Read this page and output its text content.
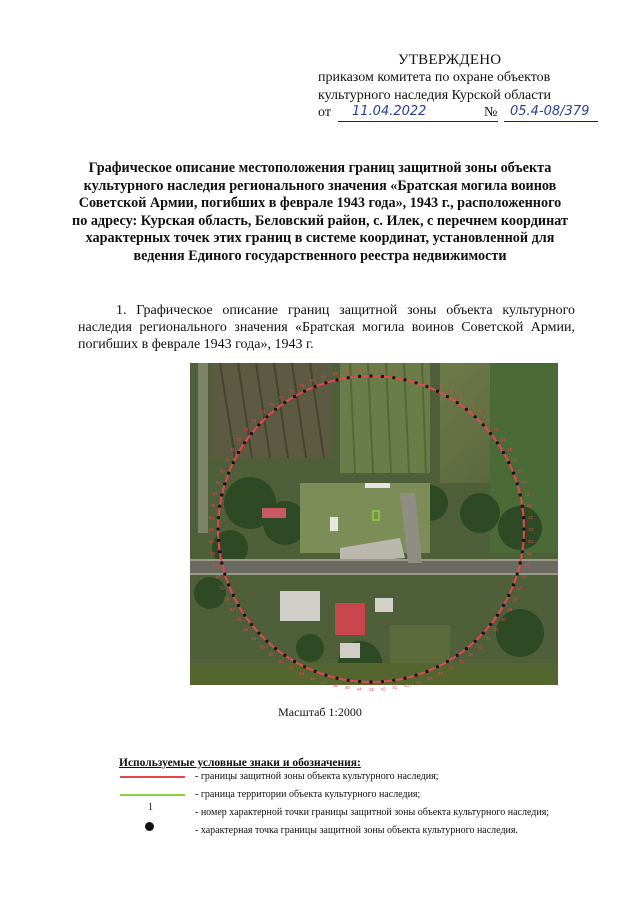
УТВЕРЖДЕНО
приказом комитета по охране объектов
культурного наследия Курской области
от	№
11.04.2022	05.4-08/379
Графическое описание местоположения границ защитной зоны объекта культурного наследия регионального значения «Братская могила воинов Советской Армии, погибших в феврале 1943 года», 1943 г., расположенного по адресу: Курская область, Беловский район, с. Илек, с перечнем координат характерных точек этих границ в системе координат, установленной для ведения Единого государственного реестра недвижимости
1. Графическое описание границ защитной зоны объекта культурного наследия регионального значения «Братская могила воинов Советской Армии, погибших в феврале 1943 года», 1943 г.
1 2 3 4
5
6
7
8
9
10
11
12
13
14
15
16
17
18
19
20
21
22
23
24
25
26
27
28
29
30
31
32
33
34
35
36
37
38
39
40
41
42
43
44
45
46
47
48
49
50
51
52
53
54
55
56
57
58
59
60
61
62
63
64
65
66
67
68
69
70
71
72
73
74
75
76
77
78
79
80
81
82 83 84
Масштаб 1:2000
Используемые условные знаки и обозначения:
- границы защитной зоны объекта культурного наследия;
- граница территории объекта культурного наследия;
1	- номер характерной точки границы защитной зоны объекта культурного наследия;
- характерная точка границы защитной зоны объекта культурного наследия.
